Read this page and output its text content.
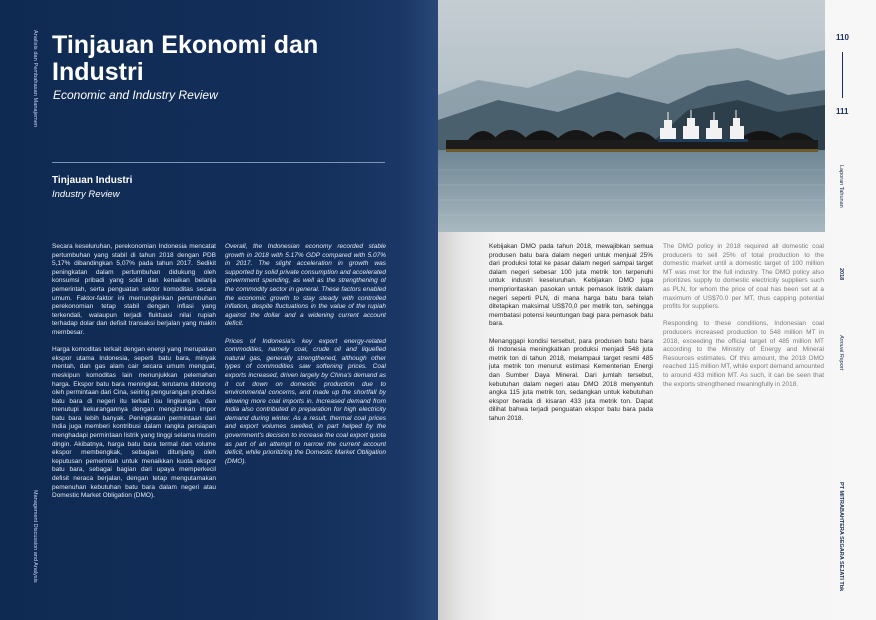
Analisis dan Pembahasan Manajemen Tinjauan Ekonomi dan Industri
Economic and Industry Review
Tinjauan Industri
Industry Review

Secara keseluruhan, perekonomian Indonesia mencatat pertumbuhan yang stabil di tahun 2018 dengan PDB 5,17% dibandingkan 5,07% pada tahun 2017. Sedikit peningkatan dalam pertumbuhan didukung oleh konsumsi pribadi yang solid dan kenaikan belanja pemerintah, serta penguatan sektor komoditas secara umum. Faktor-faktor ini memungkinkan pertumbuhan perekonomian tetap stabil dengan inflasi yang terkendali, walaupun terjadi fluktuasi nilai rupiah terhadap dolar dan defisit transaksi berjalan yang makin membesar.

Harga komoditas terkait dengan energi yang merupakan ekspor utama Indonesia, seperti batu bara, minyak mentah, dan gas alam cair secara umum menguat, meskipun komoditas lain menunjukkan pelemahan harga. Ekspor batu bara meningkat, terutama didorong oleh permintaan dari Cina, seiring pengurangan produksi batu bara di negeri itu terkait isu lingkungan, dan menutupi kekurangannya dengan mengizinkan impor batu bara lebih banyak. Peningkatan permintaan dari India juga memberi kontribusi dalam rangka persiapan menghadapi permintaan listrik yang tinggi selama musim dingin. Akibatnya, harga batu bara termal dan volume ekspor membengkak, sebagian ditunjang oleh keputusan pemerintah untuk menaikkan kuota ekspor batu bara, sebagai bagian dari upaya memperkecil defisit neraca berjalan, dengan tetap mengutamakan pemenuhan kebutuhan batu bara dalam negeri atau Domestic Market Obligation (DMO).

Overall, the Indonesian economy recorded stable growth in 2018 with 5.17% GDP compared with 5.07% in 2017. The slight acceleration in growth was supported by solid private consumption and accelerated government spending, as well as the strengthening of the commodity sector in general. These factors enabled the economic growth to stay steady with controlled inflation, despite fluctuations in the value of the rupiah against the dollar and a widening current account deficit.

Prices of Indonesia's key export energy-related commodities, namely coal, crude oil and liquefied natural gas, generally strengthened, although other types of commodities saw softening prices. Coal exports increased, driven largely by China's demand as it cut down on domestic production due to environmental concerns, and made up the shortfall by allowing more coal imports in. Increased demand from India also contributed in preparation for high electricity demand during winter. As a result, thermal coal prices and export volumes swelled, in part helped by the government's decision to increase the coal export quota as part of an attempt to narrow the current account deficit, while prioritizing the Domestic Market Obligation (DMO).

Management Discussion and Analysis
110
111
Laporan Tahunan
2018
Annual Report
PT MITRABAHTERA SEGARA SEJATI Tbk

Kebijakan DMO pada tahun 2018, mewajibkan semua produsen batu bara dalam negeri untuk menjual 25% dari produksi total ke pasar dalam negeri sampai target dalam negeri sebesar 100 juta metrik ton terpenuhi untuk industri keseluruhan. Kebijakan DMO juga memprioritaskan pasokan untuk pemasok listrik dalam negeri seperti PLN, di mana harga batu bara telah ditetapkan maksimal US$70,0 per metrik ton, sehingga membatasi potensi keuntungan bagi para pemasok batu bara.

Menanggapi kondisi tersebut, para produsen batu bara di Indonesia meningkatkan produksi menjadi 548 juta metrik ton di tahun 2018, melampaui target resmi 485 juta metrik ton menurut estimasi Kementerian Energi dan Sumber Daya Mineral. Dari jumlah tersebut, kebutuhan dalam negeri atau DMO 2018 menyentuh angka 115 juta metrik ton, sedangkan untuk kebutuhan ekspor berada di kisaran 433 juta metrik ton. Dapat dilihat bahwa terjadi penguatan ekspor batu bara pada tahun 2018.

The DMO policy in 2018 required all domestic coal producers to sell 25% of total production to the domestic market until a domestic target of 100 million MT was met for the full industry. The DMO policy also prioritizes supply to domestic electricity suppliers such as PLN, for whom the price of coal has been set at a maximum of US$70.0 per MT, thus capping potential profits for suppliers.

Responding to these conditions, Indonesian coal producers increased production to 548 million MT in 2018, exceeding the official target of 485 million MT according to the Ministry of Energy and Mineral Resources estimates. Of this amount, the 2018 DMO reached 115 million MT, while export demand amounted to around 433 million MT. As such, it can be seen that the exports strengthened meaningfully in 2018.
